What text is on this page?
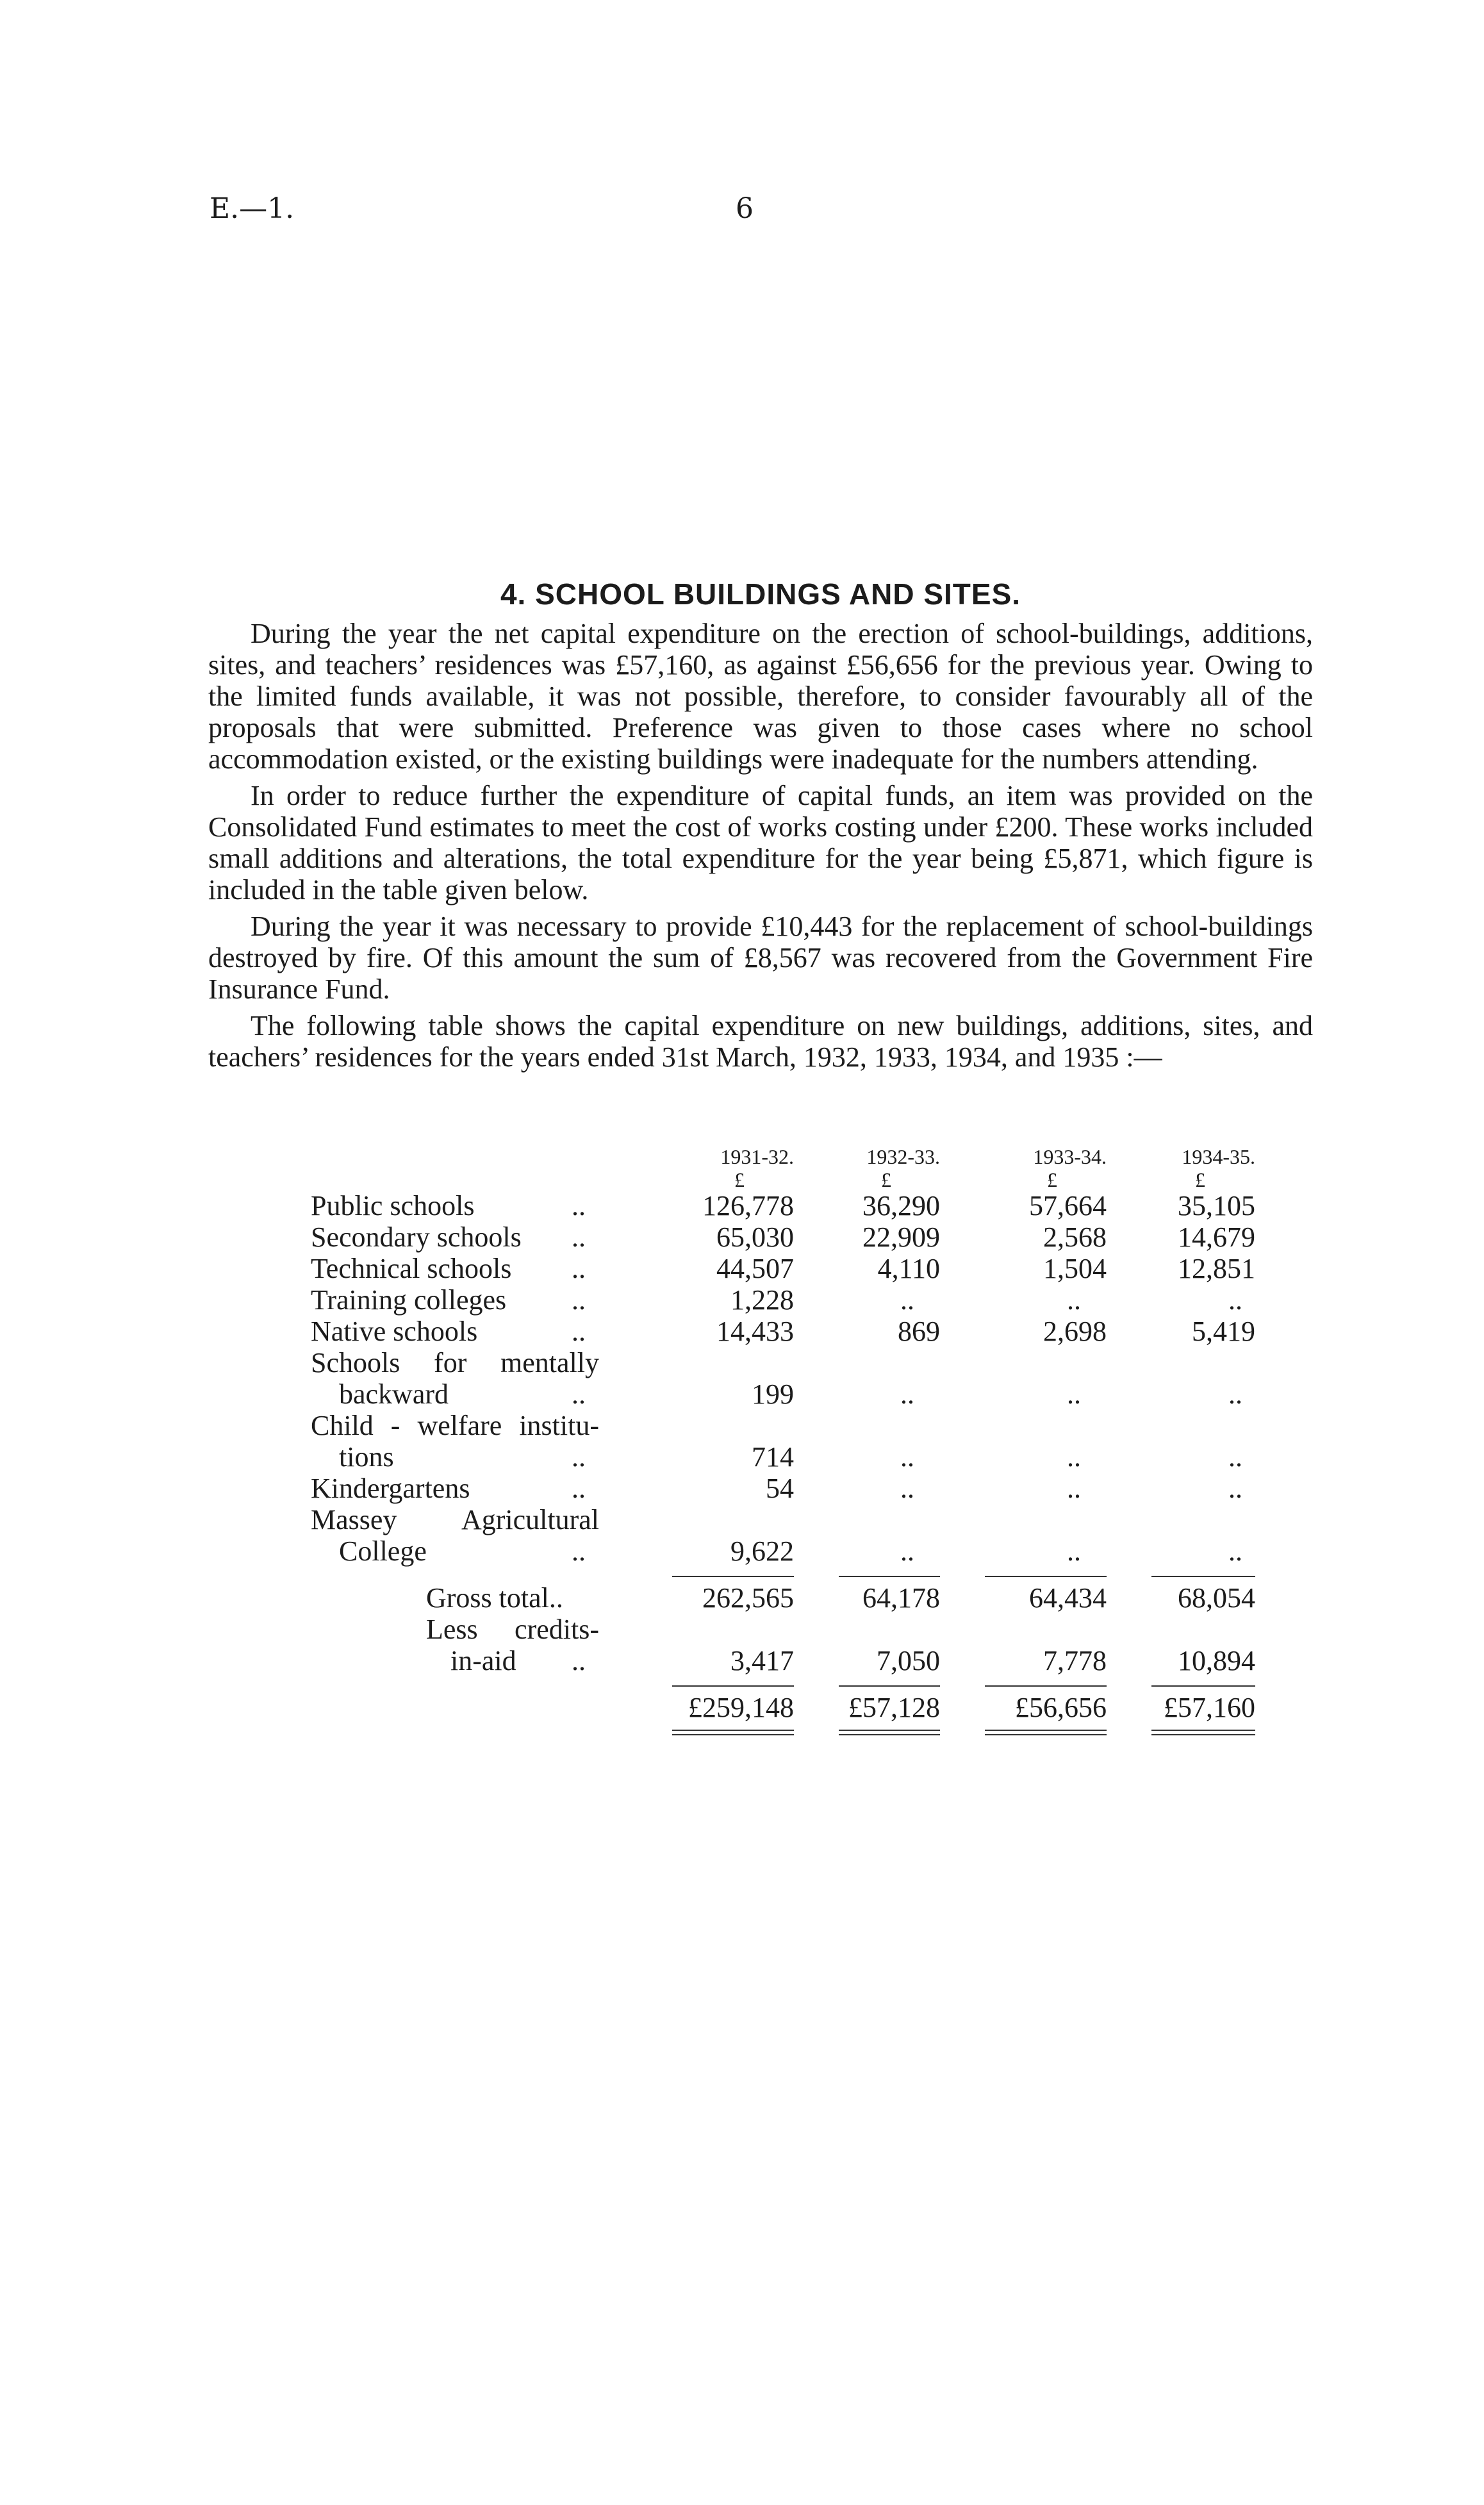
E.—1.	6
4. SCHOOL BUILDINGS AND SITES.

During the year the net capital expenditure on the erection of school-buildings, additions, sites, and teachers’ residences was £57,160, as against £56,656 for the previous year. Owing to the limited funds available, it was not possible, therefore, to consider favourably all of the proposals that were submitted. Preference was given to those cases where no school accommodation existed, or the existing buildings were inadequate for the numbers attending.

In order to reduce further the expenditure of capital funds, an item was provided on the Consolidated Fund estimates to meet the cost of works costing under £200. These works included small additions and alterations, the total expenditure for the year being £5,871, which figure is included in the table given below.

During the year it was necessary to provide £10,443 for the replacement of school-buildings destroyed by fire. Of this amount the sum of £8,567 was recovered from the Government Fire Insurance Fund.

The following table shows the capital expenditure on new buildings, additions, sites, and teachers’ residences for the years ended 31st March, 1932, 1933, 1934, and 1935 :—

	1931-32.	1932-33.	1933-34.	1934-35.
	£	£	£	£
Public schools ..	126,778	36,290	57,664	35,105
Secondary schools ..	65,030	22,909	2,568	14,679
Technical schools ..	44,507	4,110	1,504	12,851
Training colleges ..	1,228	..	..	..
Native schools ..	14,433	869	2,698	5,419

Schools for mentally				

backward ..	199	..	..	..

Child - welfare institu-				

tions ..	714	..	..	..
Kindergartens ..	54	..	..	..

Massey Agricultural				

College ..	9,622	..	..	..

Gross total..	262,565	64,178	64,434	68,054

Less credits-				

in-aid ..	3,417	7,050	7,778	10,894

	£259,148	£57,128	£56,656	£57,160
